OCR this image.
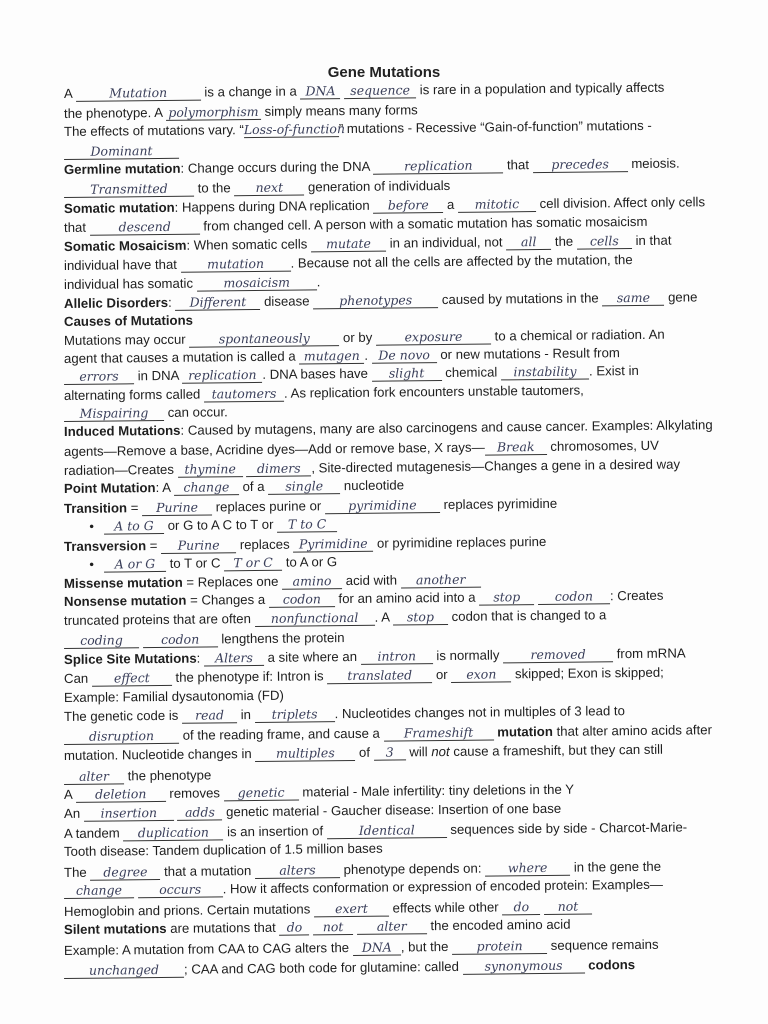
Gene Mutations
A	Mutation	is a change in a DNA sequence is rare in a population and typically affects
the phenotype. A polymorphism simply means many forms
The effects of mutations vary. “Loss-of-function” mutations - Recessive “Gain-of-function” mutations -
Dominant
Germline mutation: Change occurs during the DNA replication that precedes meiosis.
Transmitted to the next generation of individuals
Somatic mutation: Happens during DNA replication before a mitotic cell division. Affect only cells
that descend from changed cell. A person with a somatic mutation has somatic mosaicism
Somatic Mosaicism: When somatic cells mutate in an individual, not all the cells in that
individual have that mutation . Because not all the cells are affected by the mutation, the
individual has somatic mosaicism .
Allelic Disorders: Different disease phenotypes caused by mutations in the same gene
Causes of Mutations
Mutations may occur spontaneously or by exposure to a chemical or radiation. An
agent that causes a mutation is called a mutagen . De novo or new mutations - Result from
errors in DNA replication . DNA bases have slight chemical instability . Exist in
alternating forms called tautomers . As replication fork encounters unstable tautomers,
Mispairing can occur.
Induced Mutations: Caused by mutagens, many are also carcinogens and cause cancer. Examples: Alkylating
agents—Remove a base, Acridine dyes—Add or remove base, X rays— Break chromosomes, UV
radiation—Creates thymine dimers , Site-directed mutagenesis—Changes a gene in a desired way
Point Mutation: A change of a single nucleotide
Transition = Purine replaces purine or pyrimidine replaces pyrimidine
• A to G or G to A C to T or T to C
Transversion = Purine replaces Pyrimidine or pyrimidine replaces purine
• A or G to T or C T or C to A or G
Missense mutation = Replaces one amino acid with another
Nonsense mutation = Changes a codon for an amino acid into a stop	codon : Creates
truncated proteins that are often nonfunctional . A stop codon that is changed to a
coding	codon lengthens the protein
Splice Site Mutations: Alters a site where an intron is normally removed from mRNA
Can effect the phenotype if: Intron is translated or exon skipped; Exon is skipped;
Example: Familial dysautonomia (FD)
The genetic code is read in triplets . Nucleotides changes not in multiples of 3 lead to
disruption of the reading frame, and cause a Frameshift mutation that alter amino acids after
mutation. Nucleotide changes in multiples of 3 will not cause a frameshift, but they can still
alter the phenotype
A deletion removes genetic material - Male infertility: tiny deletions in the Y
An insertion adds genetic material - Gaucher disease: Insertion of one base
A tandem duplication is an insertion of	Identical sequences side by side - Charcot-Marie-
Tooth disease: Tandem duplication of 1.5 million bases
The degree that a mutation alters phenotype depends on: where in the gene the
change	occurs . How it affects conformation or expression of encoded protein: Examples—
Hemoglobin and prions. Certain mutations exert effects while other do not
Silent mutations are mutations that do not	alter the encoded amino acid
Example: A mutation from CAA to CAG alters the DNA , but the protein sequence remains
unchanged ; CAA and CAG both code for glutamine: called synonymous codons
